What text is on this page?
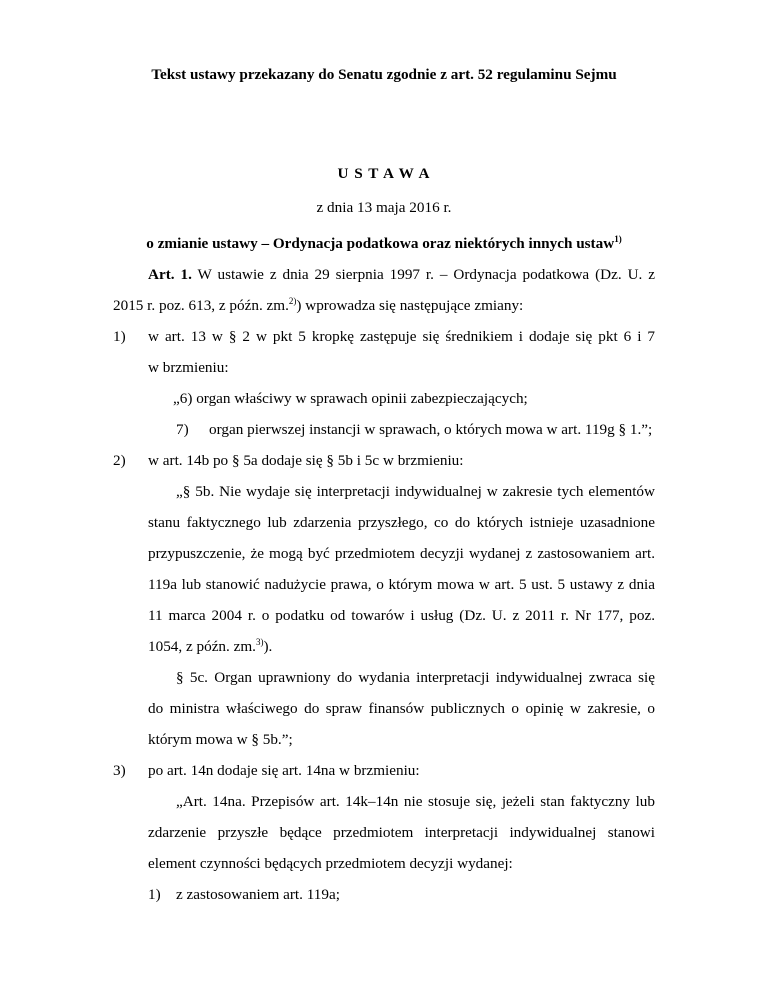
Tekst ustawy przekazany do Senatu zgodnie z art. 52 regulaminu Sejmu
U S T A W A
z dnia 13 maja 2016 r.
o zmianie ustawy – Ordynacja podatkowa oraz niektórych innych ustaw$^{1)}$
Art. 1. W ustawie z dnia 29 sierpnia 1997 r. – Ordynacja podatkowa (Dz. U. z
2015 r. poz. 613, z późn. zm.$^{2)}$) wprowadza się następujące zmiany:
1) w art. 13 w § 2 w pkt 5 kropkę zastępuje się średnikiem i dodaje się pkt 6 i 7
w brzmieniu:
„6) organ właściwy w sprawach opinii zabezpieczających;
7) organ pierwszej instancji w sprawach, o których mowa w art. 119g § 1.”;
2) w art. 14b po § 5a dodaje się § 5b i 5c w brzmieniu:
„§ 5b. Nie wydaje się interpretacji indywidualnej w zakresie tych elementów
stanu faktycznego lub zdarzenia przyszłego, co do których istnieje uzasadnione
przypuszczenie, że mogą być przedmiotem decyzji wydanej z zastosowaniem art.
119a lub stanowić nadużycie prawa, o którym mowa w art. 5 ust. 5 ustawy z dnia
11 marca 2004 r. o podatku od towarów i usług (Dz. U. z 2011 r. Nr 177, poz.
1054, z późn. zm.$^{3)}$).
§ 5c. Organ uprawniony do wydania interpretacji indywidualnej zwraca się
do ministra właściwego do spraw finansów publicznych o opinię w zakresie, o
którym mowa w § 5b.”;
3) po art. 14n dodaje się art. 14na w brzmieniu:
„Art. 14na. Przepisów art. 14k–14n nie stosuje się, jeżeli stan faktyczny lub
zdarzenie przyszłe będące przedmiotem interpretacji indywidualnej stanowi
element czynności będących przedmiotem decyzji wydanej:
1) z zastosowaniem art. 119a;
